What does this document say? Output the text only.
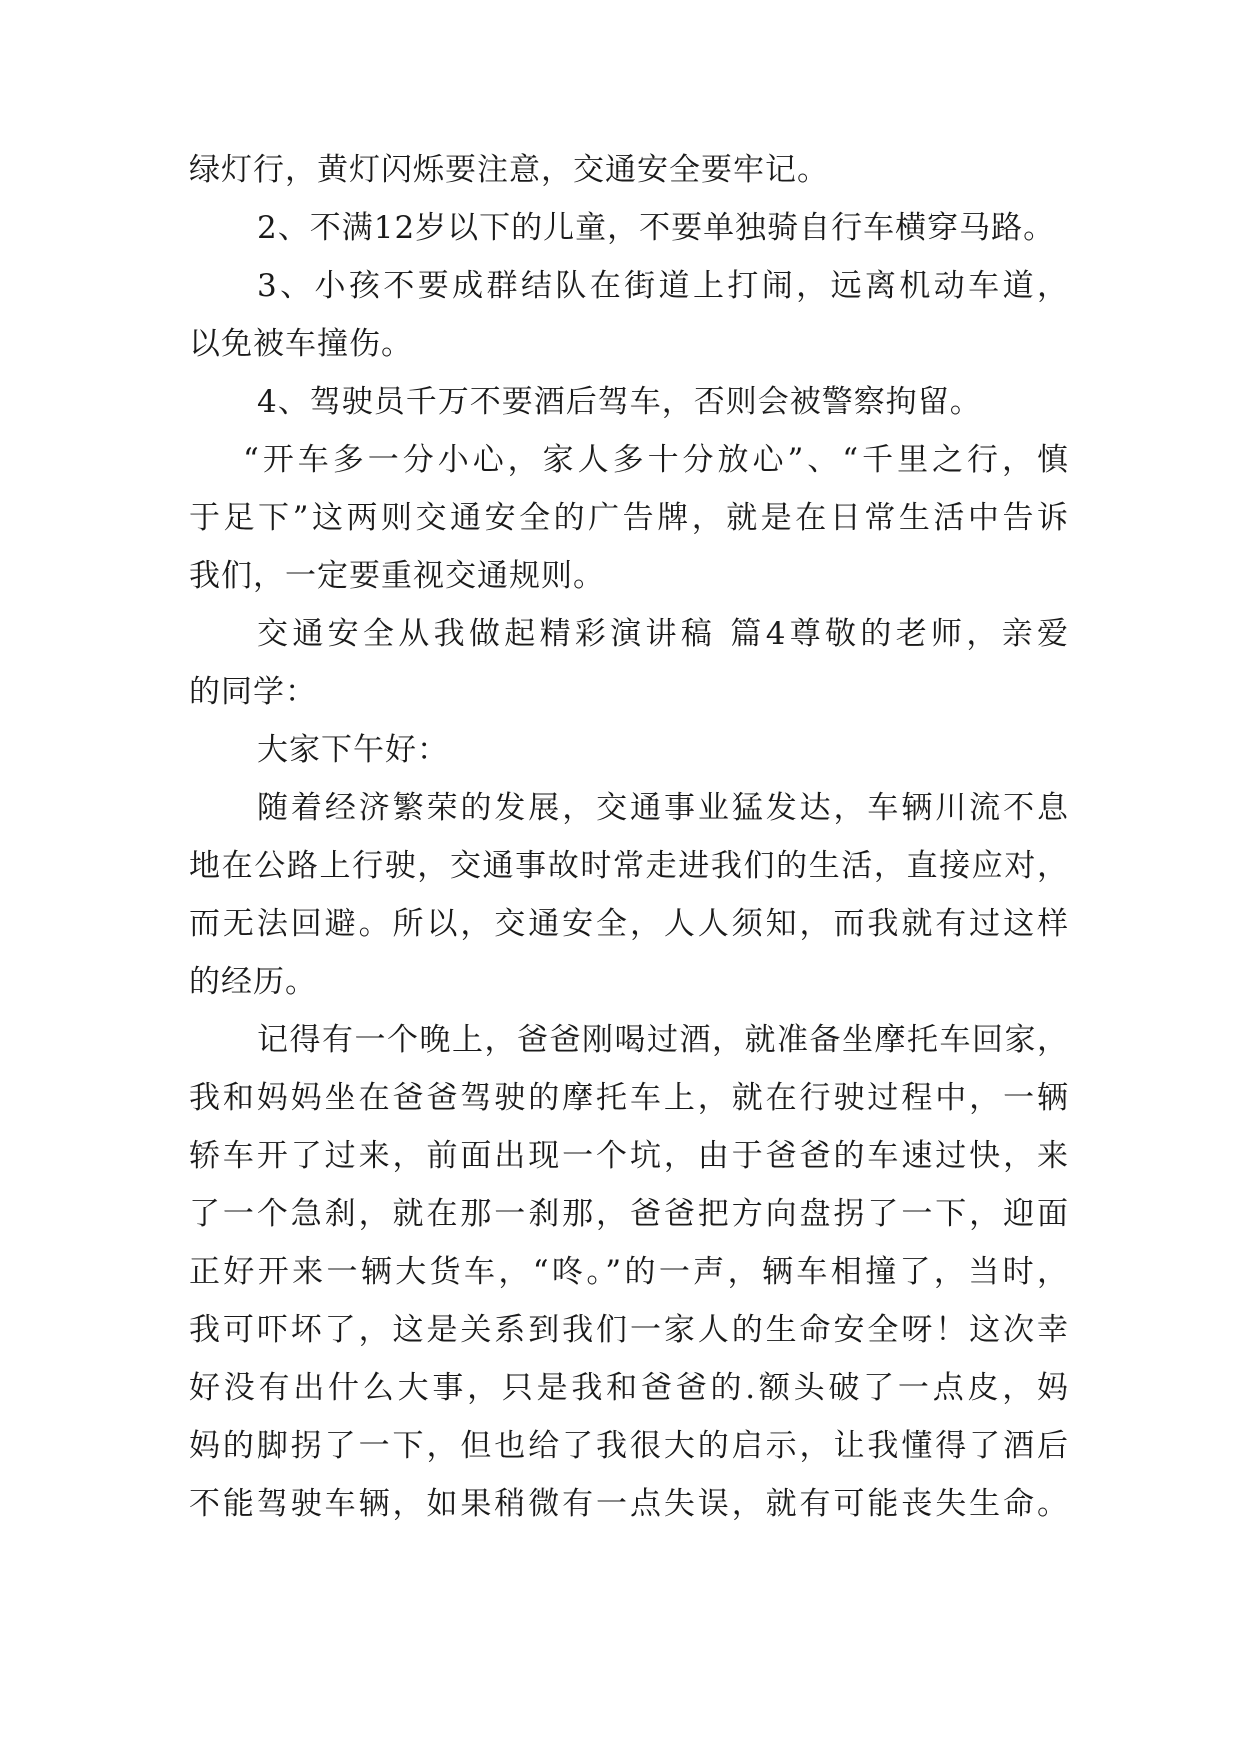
绿灯行，黄灯闪烁要注意，交通安全要牢记。
2、不满12岁以下的儿童，不要单独骑自行车横穿马路。
3、小孩不要成群结队在街道上打闹，远离机动车道，
以免被车撞伤。
4、驾驶员千万不要酒后驾车，否则会被警察拘留。
“开车多一分小心，家人多十分放心”、“千里之行，慎
于足下”这两则交通安全的广告牌，就是在日常生活中告诉
我们，一定要重视交通规则。
交通安全从我做起精彩演讲稿 篇4尊敬的老师，亲爱
的同学：
大家下午好：
随着经济繁荣的发展，交通事业猛发达，车辆川流不息
地在公路上行驶，交通事故时常走进我们的生活，直接应对，
而无法回避。所以，交通安全，人人须知，而我就有过这样
的经历。
记得有一个晚上，爸爸刚喝过酒，就准备坐摩托车回家，
我和妈妈坐在爸爸驾驶的摩托车上，就在行驶过程中，一辆
轿车开了过来，前面出现一个坑，由于爸爸的车速过快，来
了一个急刹，就在那一刹那，爸爸把方向盘拐了一下，迎面
正好开来一辆大货车，“咚。”的一声，辆车相撞了，当时，
我可吓坏了，这是关系到我们一家人的生命安全呀！这次幸
好没有出什么大事，只是我和爸爸的.额头破了一点皮，妈
妈的脚拐了一下，但也给了我很大的启示，让我懂得了酒后
不能驾驶车辆，如果稍微有一点失误，就有可能丧失生命。
